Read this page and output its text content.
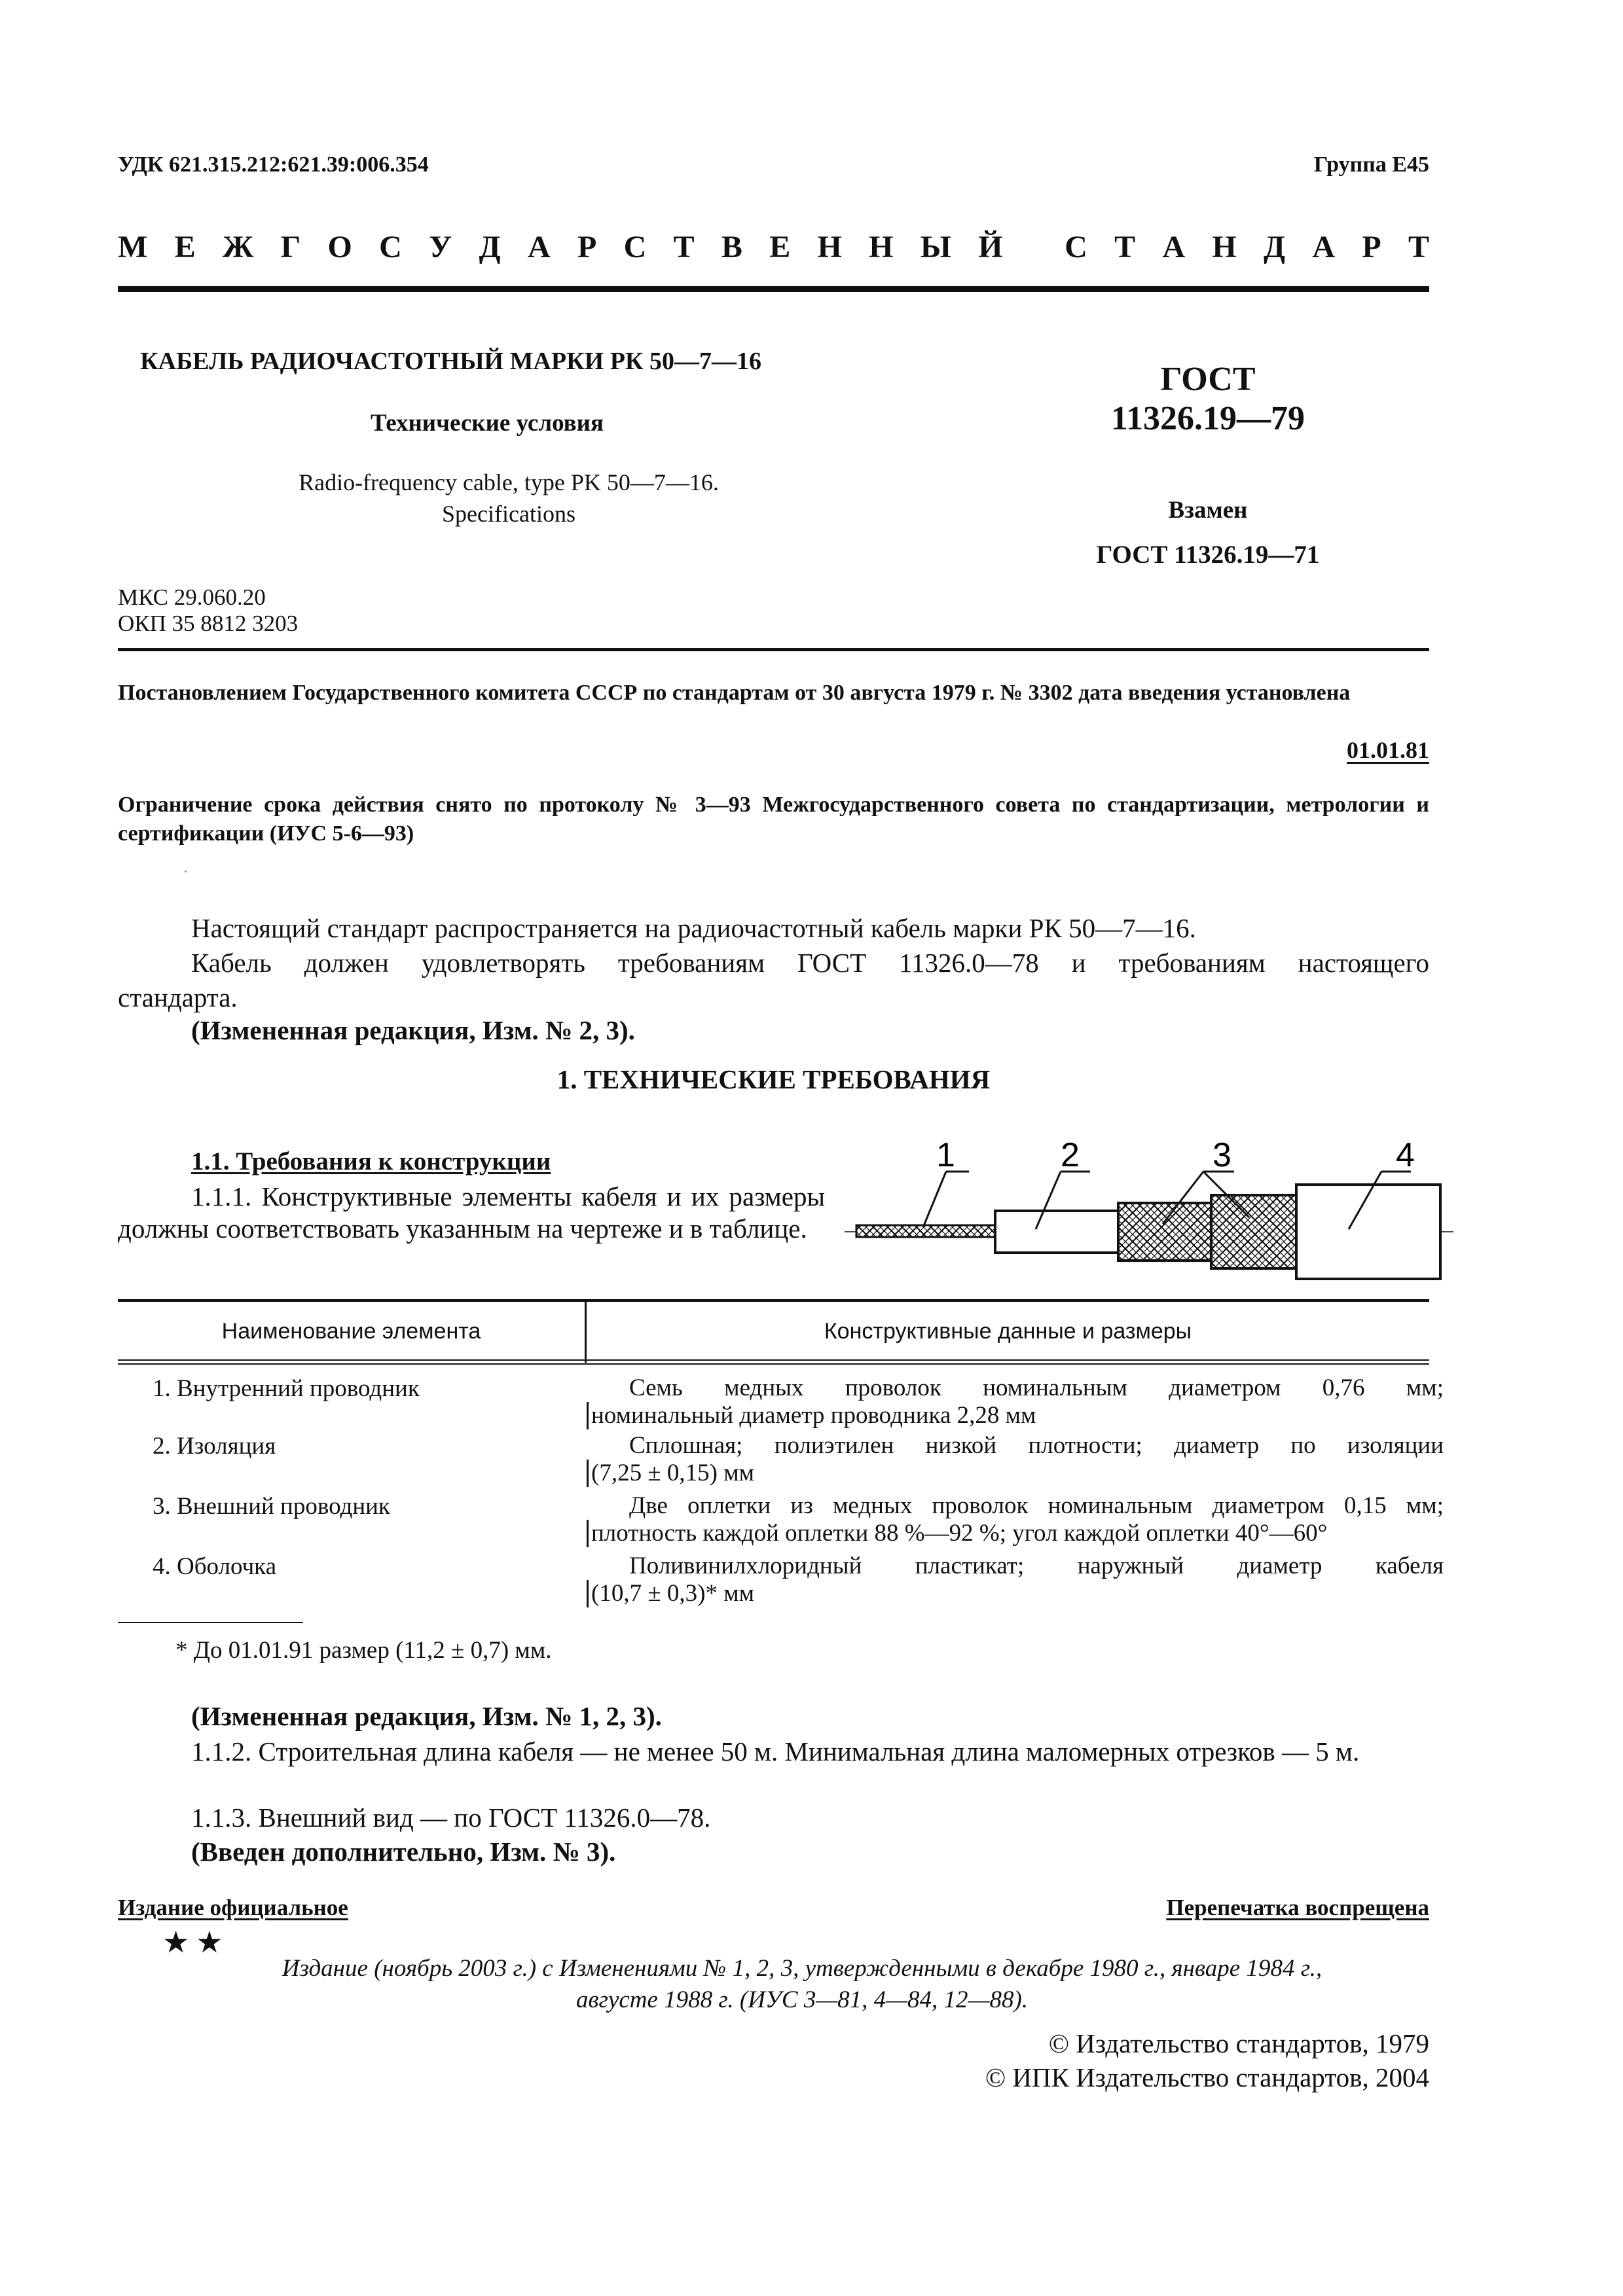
УДК 621.315.212:621.39:006.354	Группа Е45
М Е Ж Г О С У Д А Р С Т В Е Н Н Ы Й
С Т А Н Д А Р Т
КАБЕЛЬ РАДИОЧАСТОТНЫЙ МАРКИ РК 50—7—16
Технические условия
Radio-frequency cable, type PK 50—7—16.
Specifications
ГОСТ
11326.19—79
Взамен
ГОСТ 11326.19—71
МКС 29.060.20
ОКП 35 8812 3203
Постановлением Государственного комитета СССР по стандартам от 30 августа 1979 г. № 3302 дата введения установлена
01.01.81
Ограничение срока действия снято по протоколу № 3—93 Межгосударственного совета по стандартизации, метрологии и сертификации (ИУС 5-6—93)
Настоящий стандарт распространяется на радиочастотный кабель марки РК 50—7—16.
Кабель должен удовлетворять требованиям ГОСТ 11326.0—78 и требованиям настоящего
стандарта.
(Измененная редакция, Изм. № 2, 3).
1. ТЕХНИЧЕСКИЕ ТРЕБОВАНИЯ
1.1. Требования к конструкции
1.1.1. Конструктивные элементы кабеля и их размеры должны соответствовать указанным на чертеже и в таблице.
1	2	3	4
Наименование элемента	Конструктивные данные и размеры
1. Внутренний проводник	Семь медных проволок номинальным диаметром 0,76 мм;
номинальный диаметр проводника 2,28 мм
2. Изоляция	Сплошная; полиэтилен низкой плотности; диаметр по изоляции
(7,25 ± 0,15) мм
3. Внешний проводник	Две оплетки из медных проволок номинальным диаметром 0,15 мм;
плотность каждой оплетки 88 %—92 %; угол каждой оплетки 40°—60°
4. Оболочка	Поливинилхлоридный пластикат; наружный диаметр кабеля
(10,7 ± 0,3)* мм
* До 01.01.91 размер (11,2 ± 0,7) мм.
(Измененная редакция, Изм. № 1, 2, 3).
1.1.2. Строительная длина кабеля — не менее 50 м. Минимальная длина маломерных отрезков — 5 м.
1.1.3. Внешний вид — по ГОСТ 11326.0—78.
(Введен дополнительно, Изм. № 3).
Издание официальное	Перепечатка воспрещена
★★
Издание (ноябрь 2003 г.) с Изменениями № 1, 2, 3, утвержденными в декабре 1980 г., январе 1984 г.,
августе 1988 г. (ИУС 3—81, 4—84, 12—88).
© Издательство стандартов, 1979
© ИПК Издательство стандартов, 2004
